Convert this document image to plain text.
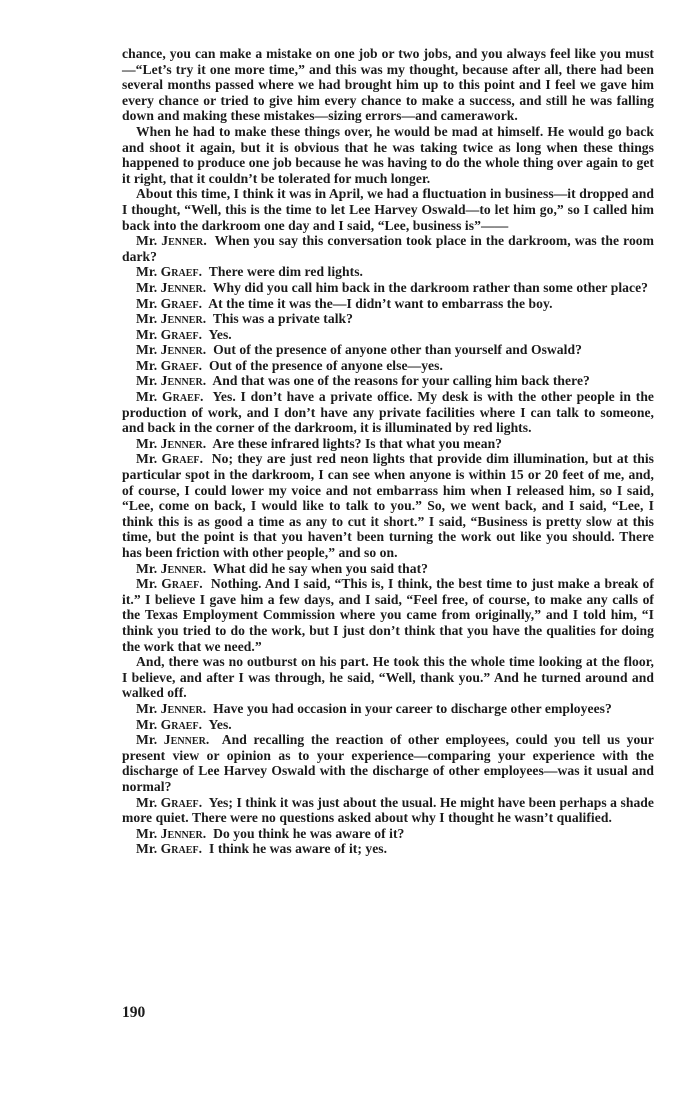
chance, you can make a mistake on one job or two jobs, and you always feel like you must—“Let’s try it one more time,” and this was my thought, because after all, there had been several months passed where we had brought him up to this point and I feel we gave him every chance or tried to give him every chance to make a success, and still he was falling down and making these mistakes—sizing errors—and camerawork.

When he had to make these things over, he would be mad at himself. He would go back and shoot it again, but it is obvious that he was taking twice as long when these things happened to produce one job because he was having to do the whole thing over again to get it right, that it couldn’t be tolerated for much longer.

About this time, I think it was in April, we had a fluctuation in business—it dropped and I thought, “Well, this is the time to let Lee Harvey Oswald—to let him go,” so I called him back into the darkroom one day and I said, “Lee, business is”——

Mr. Jenner.  When you say this conversation took place in the darkroom, was the room dark?

Mr. Graef.  There were dim red lights.

Mr. Jenner.  Why did you call him back in the darkroom rather than some other place?

Mr. Graef.  At the time it was the—I didn’t want to embarrass the boy.

Mr. Jenner.  This was a private talk?

Mr. Graef.  Yes.

Mr. Jenner.  Out of the presence of anyone other than yourself and Oswald?

Mr. Graef.  Out of the presence of anyone else—yes.

Mr. Jenner.  And that was one of the reasons for your calling him back there?

Mr. Graef.  Yes. I don’t have a private office. My desk is with the other people in the production of work, and I don’t have any private facilities where I can talk to someone, and back in the corner of the darkroom, it is illuminated by red lights.

Mr. Jenner.  Are these infrared lights? Is that what you mean?

Mr. Graef.  No; they are just red neon lights that provide dim illumination, but at this particular spot in the darkroom, I can see when anyone is within 15 or 20 feet of me, and, of course, I could lower my voice and not embarrass him when I released him, so I said, “Lee, come on back, I would like to talk to you.” So, we went back, and I said, “Lee, I think this is as good a time as any to cut it short.” I said, “Business is pretty slow at this time, but the point is that you haven’t been turning the work out like you should. There has been friction with other people,” and so on.

Mr. Jenner.  What did he say when you said that?

Mr. Graef.  Nothing. And I said, “This is, I think, the best time to just make a break of it.” I believe I gave him a few days, and I said, “Feel free, of course, to make any calls of the Texas Employment Commission where you came from originally,” and I told him, “I think you tried to do the work, but I just don’t think that you have the qualities for doing the work that we need.”

And, there was no outburst on his part. He took this the whole time looking at the floor, I believe, and after I was through, he said, “Well, thank you.” And he turned around and walked off.

Mr. Jenner.  Have you had occasion in your career to discharge other employees?

Mr. Graef.  Yes.

Mr. Jenner.  And recalling the reaction of other employees, could you tell us your present view or opinion as to your experience—comparing your experience with the discharge of Lee Harvey Oswald with the discharge of other employees—was it usual and normal?

Mr. Graef.  Yes; I think it was just about the usual. He might have been perhaps a shade more quiet. There were no questions asked about why I thought he wasn’t qualified.

Mr. Jenner.  Do you think he was aware of it?

Mr. Graef.  I think he was aware of it; yes.

190
